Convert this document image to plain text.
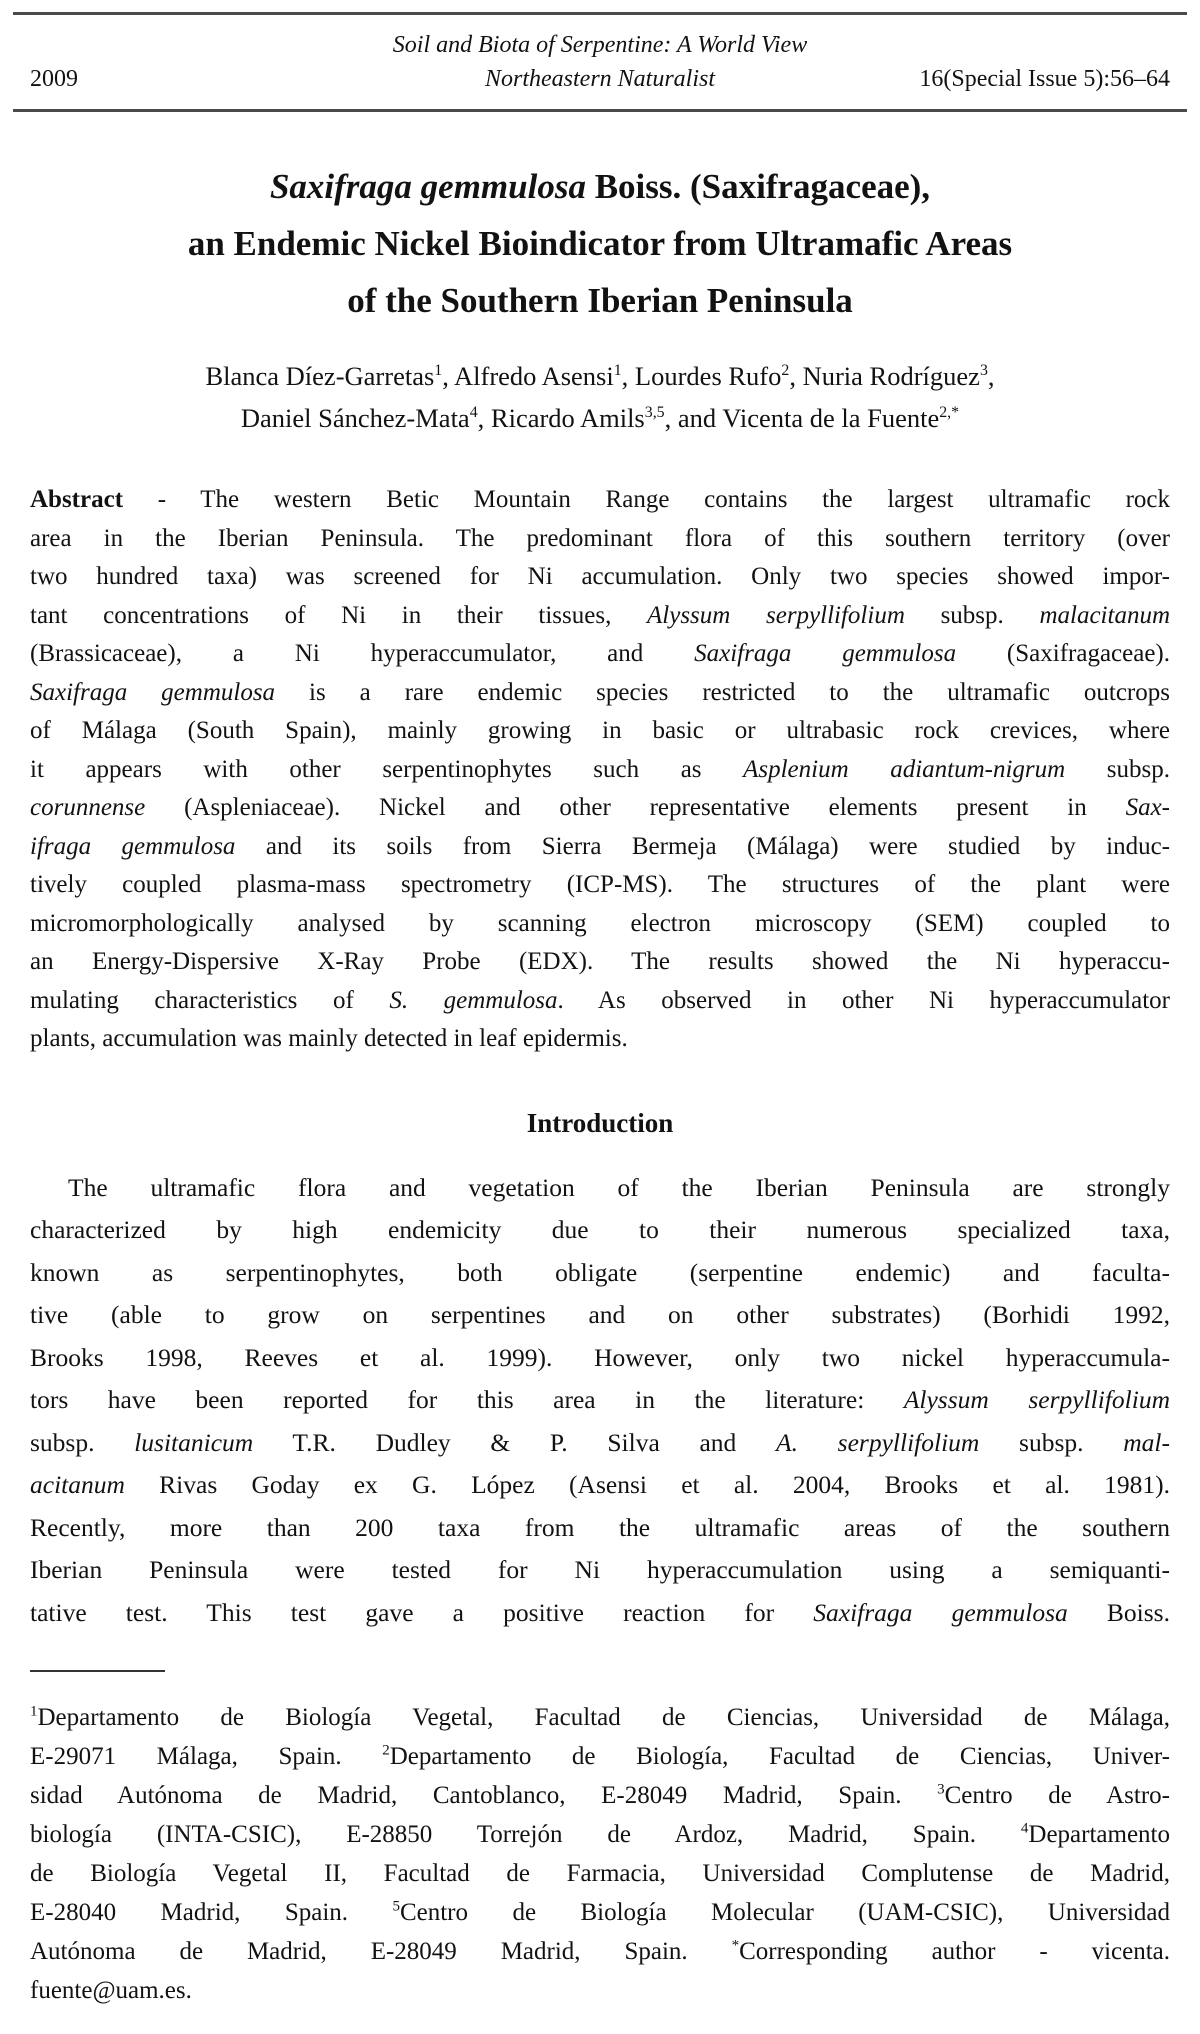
Soil and Biota of Serpentine: A World View
2009	Northeastern Naturalist	16(Special Issue 5):56–64
Saxifraga gemmulosa Boiss. (Saxifragaceae),
an Endemic Nickel Bioindicator from Ultramafic Areas
of the Southern Iberian Peninsula
Blanca Díez-Garretas$^1$, Alfredo Asensi$^1$, Lourdes Rufo$^2$, Nuria Rodríguez$^3$,
Daniel Sánchez-Mata$^4$, Ricardo Amils$^{3,5}$, and Vicenta de la Fuente$^{2,*}$
Abstract - The western Betic Mountain Range contains the largest ultramafic rock
area in the Iberian Peninsula. The predominant flora of this southern territory (over
two hundred taxa) was screened for Ni accumulation. Only two species showed impor-
tant concentrations of Ni in their tissues, Alyssum serpyllifolium subsp. malacitanum
(Brassicaceae), a Ni hyperaccumulator, and Saxifraga gemmulosa (Saxifragaceae).
Saxifraga gemmulosa is a rare endemic species restricted to the ultramafic outcrops
of Málaga (South Spain), mainly growing in basic or ultrabasic rock crevices, where
it appears with other serpentinophytes such as Asplenium adiantum-nigrum subsp.
corunnense (Aspleniaceae). Nickel and other representative elements present in Sax-
ifraga gemmulosa and its soils from Sierra Bermeja (Málaga) were studied by induc-
tively coupled plasma-mass spectrometry (ICP-MS). The structures of the plant were
micromorphologically analysed by scanning electron microscopy (SEM) coupled to
an Energy-Dispersive X-Ray Probe (EDX). The results showed the Ni hyperaccu-
mulating characteristics of S. gemmulosa. As observed in other Ni hyperaccumulator
plants, accumulation was mainly detected in leaf epidermis.
Introduction
The ultramafic flora and vegetation of the Iberian Peninsula are strongly
characterized by high endemicity due to their numerous specialized taxa,
known as serpentinophytes, both obligate (serpentine endemic) and faculta-
tive (able to grow on serpentines and on other substrates) (Borhidi 1992,
Brooks 1998, Reeves et al. 1999). However, only two nickel hyperaccumula-
tors have been reported for this area in the literature: Alyssum serpyllifolium
subsp. lusitanicum T.R. Dudley & P. Silva and A. serpyllifolium subsp. mal-
acitanum Rivas Goday ex G. López (Asensi et al. 2004, Brooks et al. 1981).
Recently, more than 200 taxa from the ultramafic areas of the southern
Iberian Peninsula were tested for Ni hyperaccumulation using a semiquanti-
tative test. This test gave a positive reaction for Saxifraga gemmulosa Boiss.
$^1$Departamento de Biología Vegetal, Facultad de Ciencias, Universidad de Málaga,
E-29071 Málaga, Spain. $^2$Departamento de Biología, Facultad de Ciencias, Univer-
sidad Autónoma de Madrid, Cantoblanco, E-28049 Madrid, Spain. $^3$Centro de Astro-
biología (INTA-CSIC), E-28850 Torrejón de Ardoz, Madrid, Spain. $^4$Departamento
de Biología Vegetal II, Facultad de Farmacia, Universidad Complutense de Madrid,
E-28040 Madrid, Spain. $^5$Centro de Biología Molecular (UAM-CSIC), Universidad
Autónoma de Madrid, E-28049 Madrid, Spain. *Corresponding author - vicenta.
fuente@uam.es.
